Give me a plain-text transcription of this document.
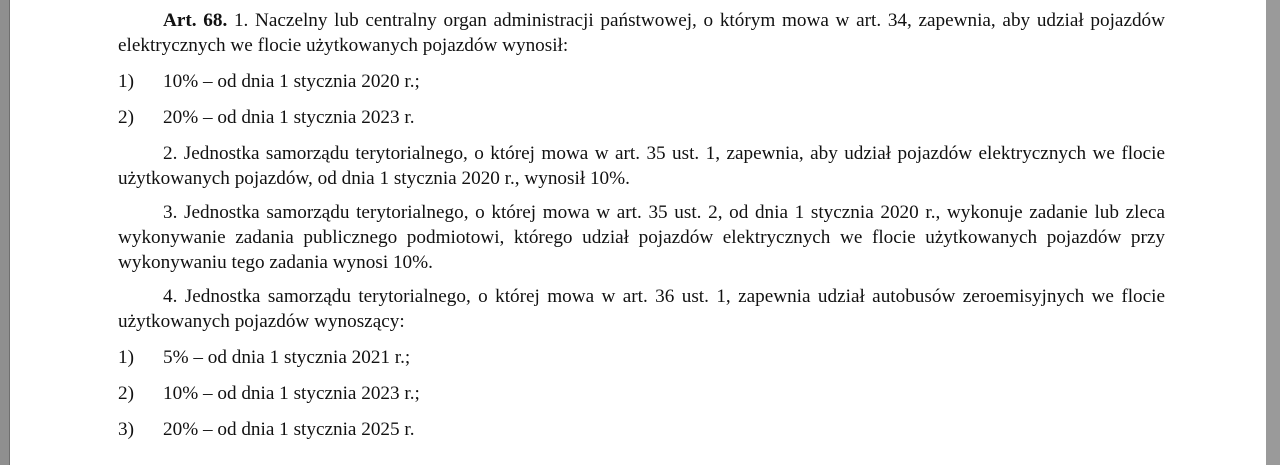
Art. 68. 1. Naczelny lub centralny organ administracji państwowej, o którym mowa w art. 34, zapewnia, aby udział pojazdów elektrycznych we flocie użytkowanych pojazdów wynosił:

1)	10% – od dnia 1 stycznia 2020 r.;
2)	20% – od dnia 1 stycznia 2023 r.

2. Jednostka samorządu terytorialnego, o której mowa w art. 35 ust. 1, zapewnia, aby udział pojazdów elektrycznych we flocie użytkowanych pojazdów, od dnia 1 stycznia 2020 r., wynosił 10%.

3. Jednostka samorządu terytorialnego, o której mowa w art. 35 ust. 2, od dnia 1 stycznia 2020 r., wykonuje zadanie lub zleca wykonywanie zadania publicznego podmiotowi, którego udział pojazdów elektrycznych we flocie użytkowanych pojazdów przy wykonywaniu tego zadania wynosi 10%.

4. Jednostka samorządu terytorialnego, o której mowa w art. 36 ust. 1, zapewnia udział autobusów zeroemisyjnych we flocie użytkowanych pojazdów wynoszący:

1)	5% – od dnia 1 stycznia 2021 r.;
2)	10% – od dnia 1 stycznia 2023 r.;
3)	20% – od dnia 1 stycznia 2025 r.
